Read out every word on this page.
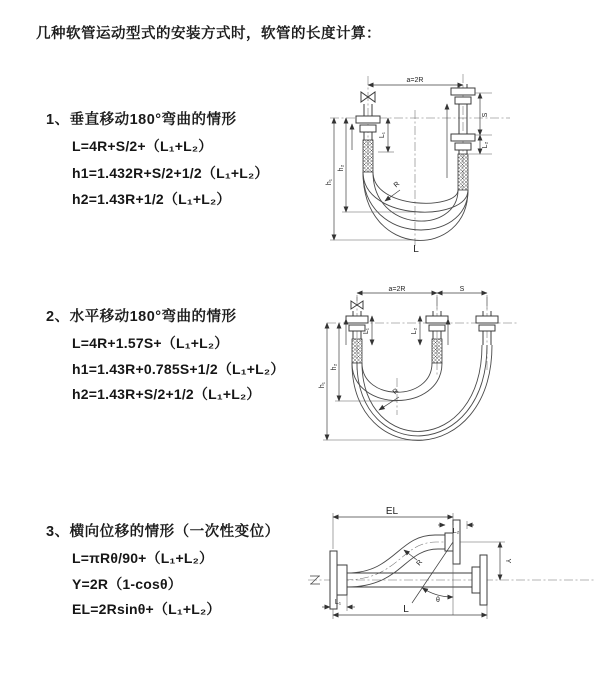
几种软管运动型式的安装方式时，软管的长度计算：
1、垂直移动180°弯曲的情形
L=4R+S/2+（L₁+L₂）
h1=1.432R+S/2+1/2（L₁+L₂）
h2=1.43R+1/2（L₁+L₂）
a=2R
L₁
S
L₂
h₁
h₂
R
L
2、水平移动180°弯曲的情形
L=4R+1.57S+（L₁+L₂）
h1=1.43R+0.785S+1/2（L₁+L₂）
h2=1.43R+S/2+1/2（L₁+L₂）
a=2R	S
h₁
h₂
L₁	L₂
R
3、横向位移的情形（一次性变位）
L=πRθ/90+（L₁+L₂）
Y=2R（1-cosθ）
EL=2Rsinθ+（L₁+L₂）
EL
L₂
Y
L
L₁
R
θ
